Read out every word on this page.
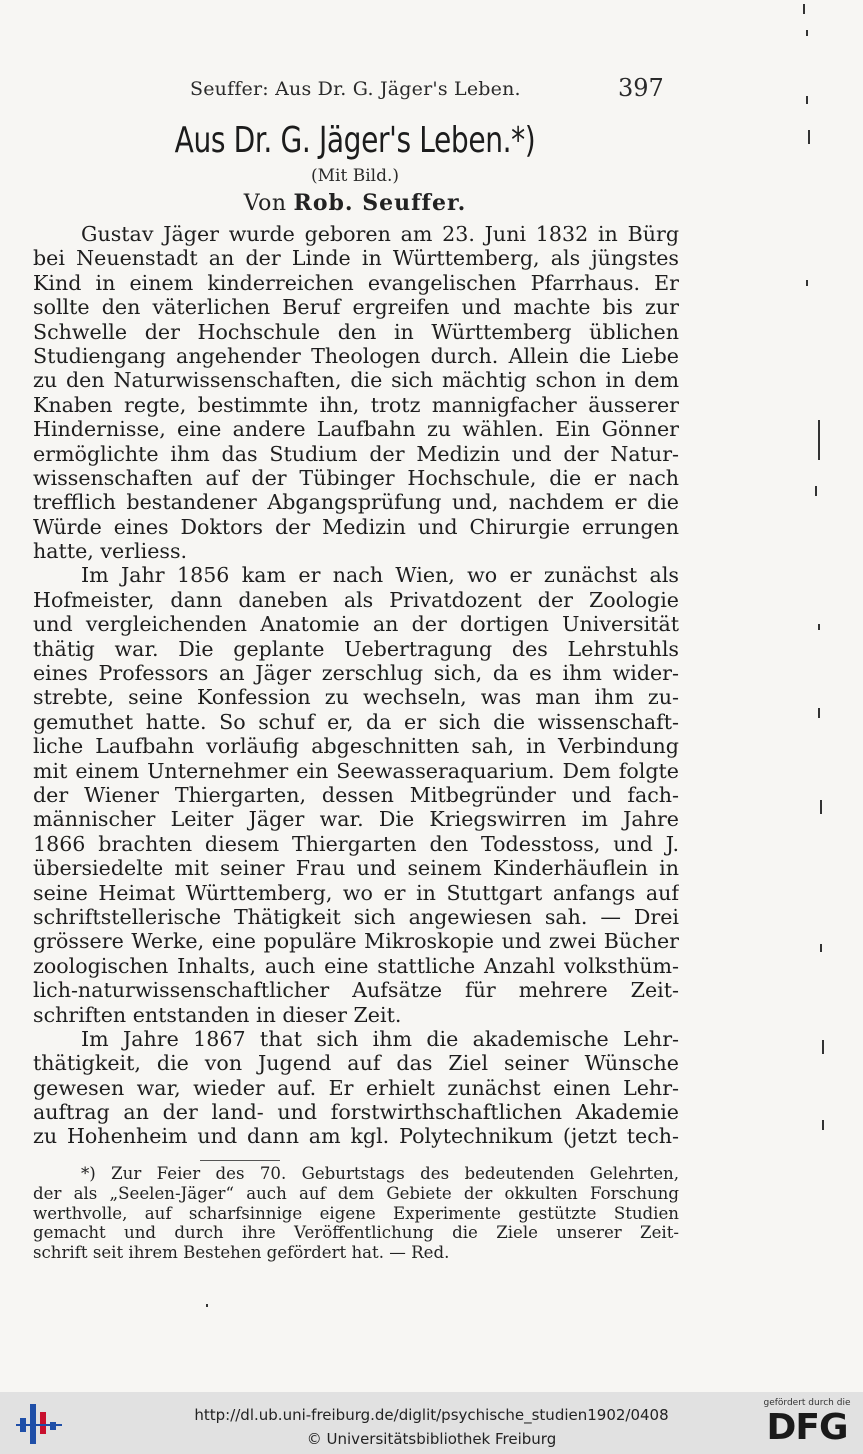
Seuffer: Aus Dr. G. Jäger's Leben.	397
Aus Dr. G. Jäger's Leben.*)
(Mit Bild.)
Von Rob. Seuffer.
Gustav Jäger wurde geboren am 23. Juni 1832 in Bürg
bei Neuenstadt an der Linde in Württemberg, als jüngstes
Kind in einem kinderreichen evangelischen Pfarrhaus. Er
sollte den väterlichen Beruf ergreifen und machte bis zur
Schwelle der Hochschule den in Württemberg üblichen
Studiengang angehender Theologen durch. Allein die Liebe
zu den Naturwissenschaften, die sich mächtig schon in dem
Knaben regte, bestimmte ihn, trotz mannigfacher äusserer
Hindernisse, eine andere Laufbahn zu wählen. Ein Gönner
ermöglichte ihm das Studium der Medizin und der Natur-
wissenschaften auf der Tübinger Hochschule, die er nach
trefflich bestandener Abgangsprüfung und, nachdem er die
Würde eines Doktors der Medizin und Chirurgie errungen
hatte, verliess.
Im Jahr 1856 kam er nach Wien, wo er zunächst als
Hofmeister, dann daneben als Privatdozent der Zoologie
und vergleichenden Anatomie an der dortigen Universität
thätig war. Die geplante Uebertragung des Lehrstuhls
eines Professors an Jäger zerschlug sich, da es ihm wider-
strebte, seine Konfession zu wechseln, was man ihm zu-
gemuthet hatte. So schuf er, da er sich die wissenschaft-
liche Laufbahn vorläufig abgeschnitten sah, in Verbindung
mit einem Unternehmer ein Seewasseraquarium. Dem folgte
der Wiener Thiergarten, dessen Mitbegründer und fach-
männischer Leiter Jäger war. Die Kriegswirren im Jahre
1866 brachten diesem Thiergarten den Todesstoss, und J.
übersiedelte mit seiner Frau und seinem Kinderhäuflein in
seine Heimat Württemberg, wo er in Stuttgart anfangs auf
schriftstellerische Thätigkeit sich angewiesen sah. — Drei
grössere Werke, eine populäre Mikroskopie und zwei Bücher
zoologischen Inhalts, auch eine stattliche Anzahl volksthüm-
lich-naturwissenschaftlicher Aufsätze für mehrere Zeit-
schriften entstanden in dieser Zeit.
Im Jahre 1867 that sich ihm die akademische Lehr-
thätigkeit, die von Jugend auf das Ziel seiner Wünsche
gewesen war, wieder auf. Er erhielt zunächst einen Lehr-
auftrag an der land- und forstwirthschaftlichen Akademie
zu Hohenheim und dann am kgl. Polytechnikum (jetzt tech-
*) Zur Feier des 70. Geburtstags des bedeutenden Gelehrten,
der als „Seelen-Jäger“ auch auf dem Gebiete der okkulten Forschung
werthvolle, auf scharfsinnige eigene Experimente gestützte Studien
gemacht und durch ihre Veröffentlichung die Ziele unserer Zeit-
schrift seit ihrem Bestehen gefördert hat. — Red.
http://dl.ub.uni-freiburg.de/diglit/psychische_studien1902/0408
© Universitätsbibliothek Freiburg
gefördert durch die
DFG
